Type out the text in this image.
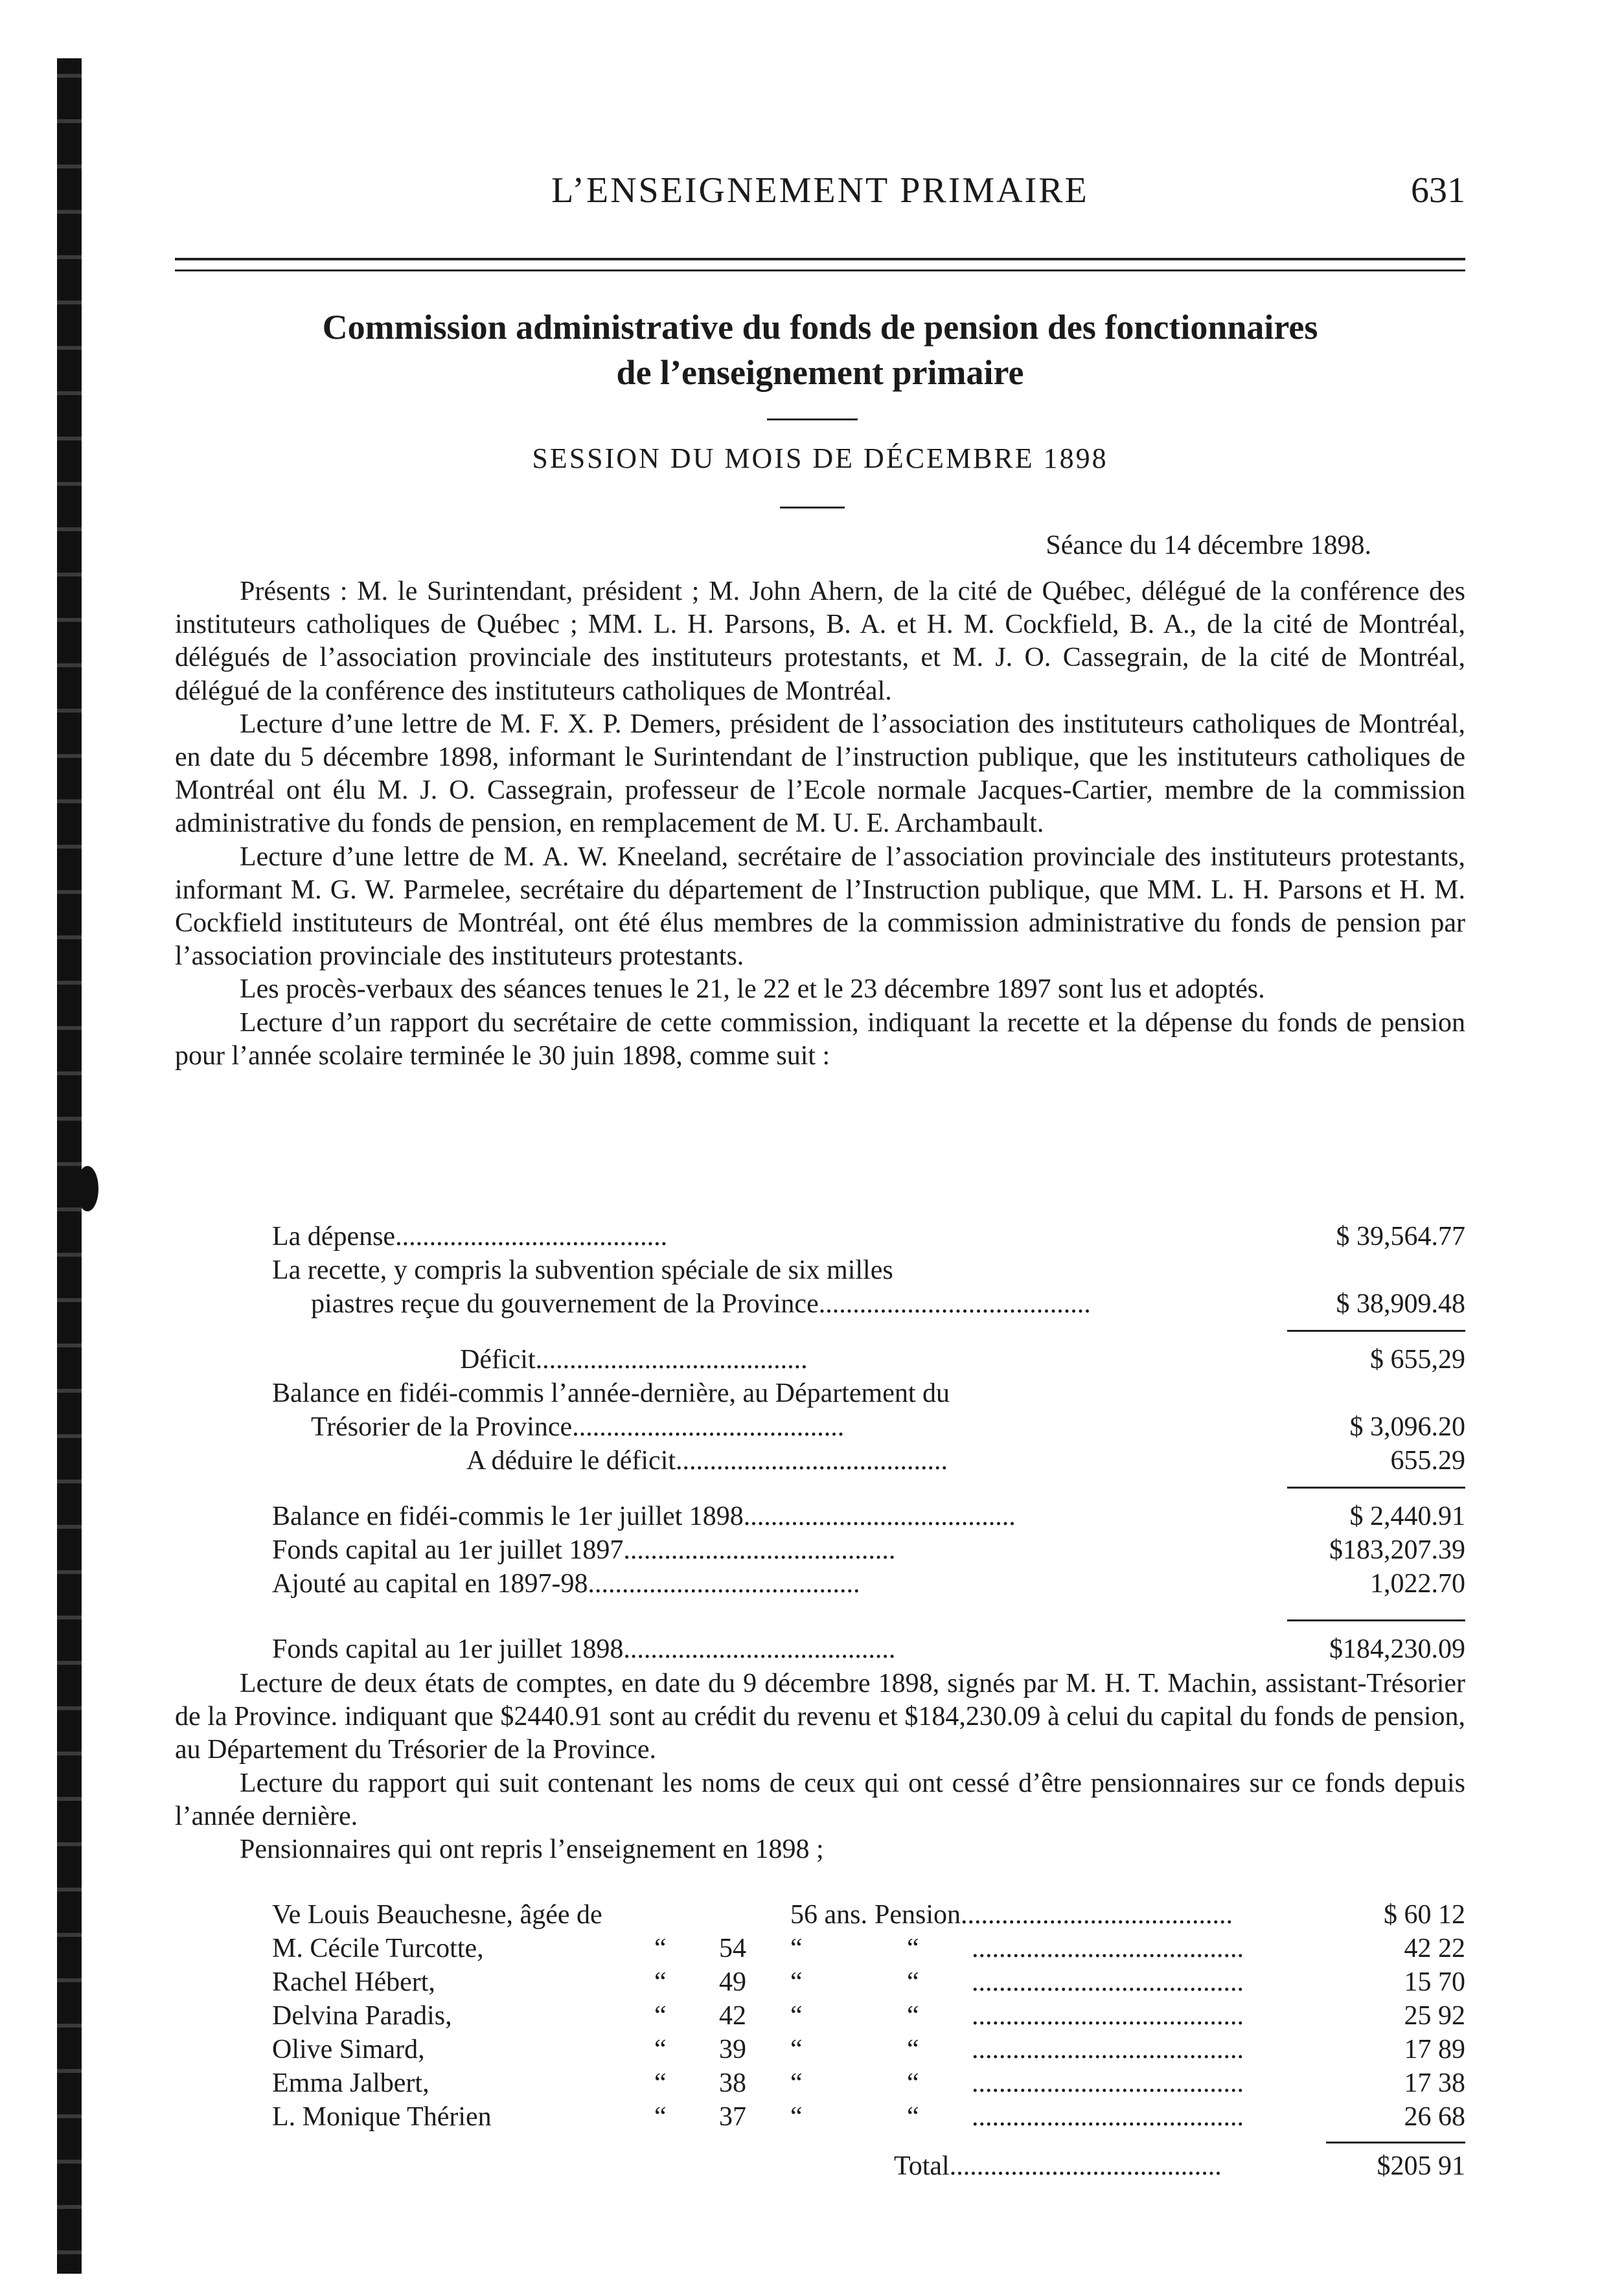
L’ENSEIGNEMENT PRIMAIRE	631
Commission administrative du fonds de pension des fonctionnaires
de l’enseignement primaire
SESSION DU MOIS DE DÉCEMBRE 1898
Séance du 14 décembre 1898.

Présents : M. le Surintendant, président ; M. John Ahern, de la cité de Québec, délégué de la conférence des instituteurs catholiques de Québec ; MM. L. H. Parsons, B. A. et H. M. Cockfield, B. A., de la cité de Montréal, délégués de l’association provinciale des instituteurs protestants, et M. J. O. Cassegrain, de la cité de Montréal, délégué de la conférence des instituteurs catholiques de Montréal.

Lecture d’une lettre de M. F. X. P. Demers, président de l’association des instituteurs catholiques de Montréal, en date du 5 décembre 1898, informant le Surintendant de l’instruction publique, que les instituteurs catholiques de Montréal ont élu M. J. O. Cassegrain, professeur de l’Ecole normale Jacques-Cartier, membre de la commission administrative du fonds de pension, en remplacement de M. U. E. Archambault.

Lecture d’une lettre de M. A. W. Kneeland, secrétaire de l’association provinciale des instituteurs protestants, informant M. G. W. Parmelee, secrétaire du département de l’Instruction publique, que MM. L. H. Parsons et H. M. Cockfield instituteurs de Montréal, ont été élus membres de la commission administrative du fonds de pension par l’association provinciale des instituteurs protestants.

Les procès-verbaux des séances tenues le 21, le 22 et le 23 décembre 1897 sont lus et adoptés.

Lecture d’un rapport du secrétaire de cette commission, indiquant la recette et la dépense du fonds de pension pour l’année scolaire terminée le 30 juin 1898, comme suit :

La dépense........................................	$ 39,564.77
La recette, y compris la subvention spéciale de six milles
piastres reçue du gouvernement de la Province........................................	$ 38,909.48
Déficit........................................	$ 655,29
Balance en fidéi-commis l’année-dernière, au Département du
Trésorier de la Province........................................	$ 3,096.20
A déduire le déficit........................................	655.29
Balance en fidéi-commis le 1er juillet 1898........................................	$ 2,440.91
Fonds capital au 1er juillet 1897........................................	$183,207.39
Ajouté au capital en 1897-98........................................	1,022.70
Fonds capital au 1er juillet 1898........................................	$184,230.09

Lecture de deux états de comptes, en date du 9 décembre 1898, signés par M. H. T. Machin, assistant-Trésorier de la Province. indiquant que $2440.91 sont au crédit du revenu et $184,230.09 à celui du capital du fonds de pension, au Département du Trésorier de la Province.

Lecture du rapport qui suit contenant les noms de ceux qui ont cessé d’être pensionnaires sur ce fonds depuis l’année dernière.

Pensionnaires qui ont repris l’enseignement en 1898 ;

Ve Louis Beauchesne, âgée de	56 ans. Pension........................................	$ 60 12
M. Cécile Turcotte,	“ 54 “	“ ........................................	42 22
Rachel Hébert,	“ 49 “	“ ........................................	15 70
Delvina Paradis,	“ 42 “	“ ........................................	25 92
Olive Simard,	“ 39 “	“ ........................................	17 89
Emma Jalbert,	“ 38 “	“ ........................................	17 38
L. Monique Thérien	“ 37 “	“ ........................................	26 68
Total........................................	$205 91
